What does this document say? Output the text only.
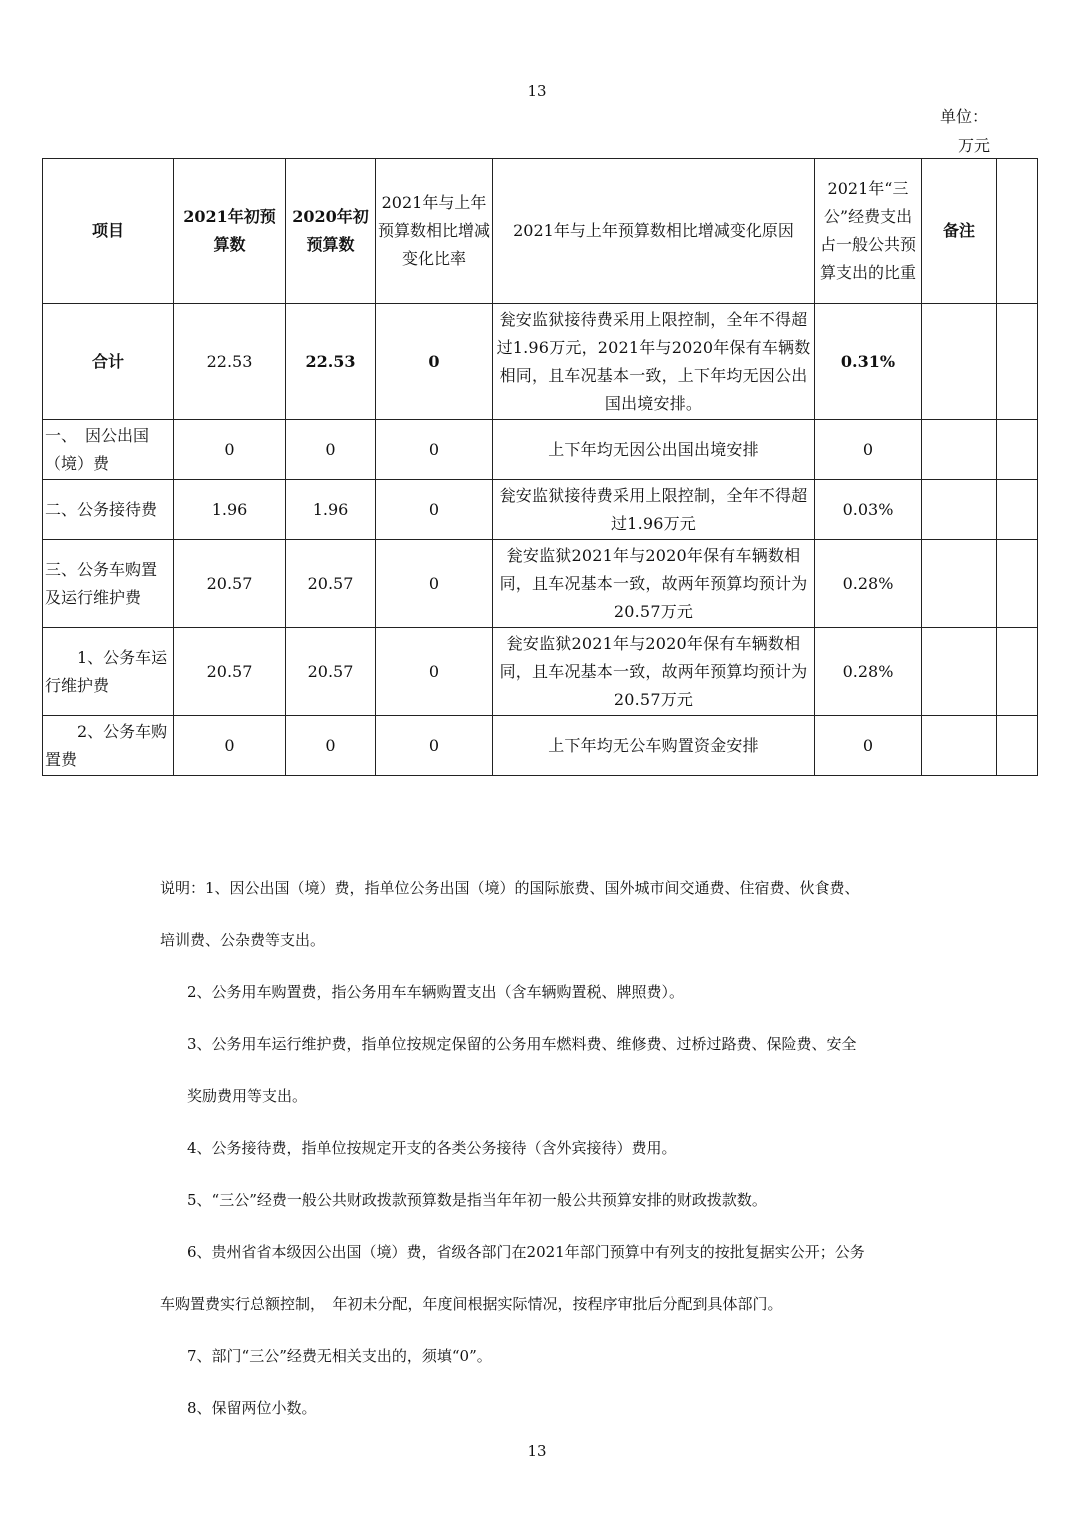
13
单位：
万元
项目	2021年初预算数	2020年初预算数	2021年与上年预算数相比增减变化比率	2021年与上年预算数相比增减变化原因	2021年“三公”经费支出占一般公共预算支出的比重	备注	
合计	22.53	22.53	0	瓮安监狱接待费采用上限控制，全年不得超过1.96万元，2021年与2020年保有车辆数相同，且车况基本一致，上下年均无因公出国出境安排。	0.31%		
一、　因公出国（境）费	0	0	0	上下年均无因公出国出境安排	0		
二、公务接待费	1.96	1.96	0	瓮安监狱接待费采用上限控制，全年不得超过1.96万元	0.03%		
三、公务车购置及运行维护费	20.57	20.57	0	瓮安监狱2021年与2020年保有车辆数相同，且车况基本一致，故两年预算均预计为20.57万元	0.28%		
　　1、公务车运行维护费	20.57	20.57	0	瓮安监狱2021年与2020年保有车辆数相同，且车况基本一致，故两年预算均预计为20.57万元	0.28%		
　　2、公务车购置费	0	0	0	上下年均无公车购置资金安排	0		

说明：1、因公出国（境）费，指单位公务出国（境）的国际旅费、国外城市间交通费、住宿费、伙食费、

培训费、公杂费等支出。

2、公务用车购置费，指公务用车车辆购置支出（含车辆购置税、牌照费）。

3、公务用车运行维护费，指单位按规定保留的公务用车燃料费、维修费、过桥过路费、保险费、安全

奖励费用等支出。

4、公务接待费，指单位按规定开支的各类公务接待（含外宾接待）费用。

5、“三公”经费一般公共财政拨款预算数是指当年年初一般公共预算安排的财政拨款数。

6、贵州省省本级因公出国（境）费，省级各部门在2021年部门预算中有列支的按批复据实公开；公务

车购置费实行总额控制，　年初未分配，年度间根据实际情况，按程序审批后分配到具体部门。

7、部门“三公”经费无相关支出的，须填“0”。

8、保留两位小数。

13
